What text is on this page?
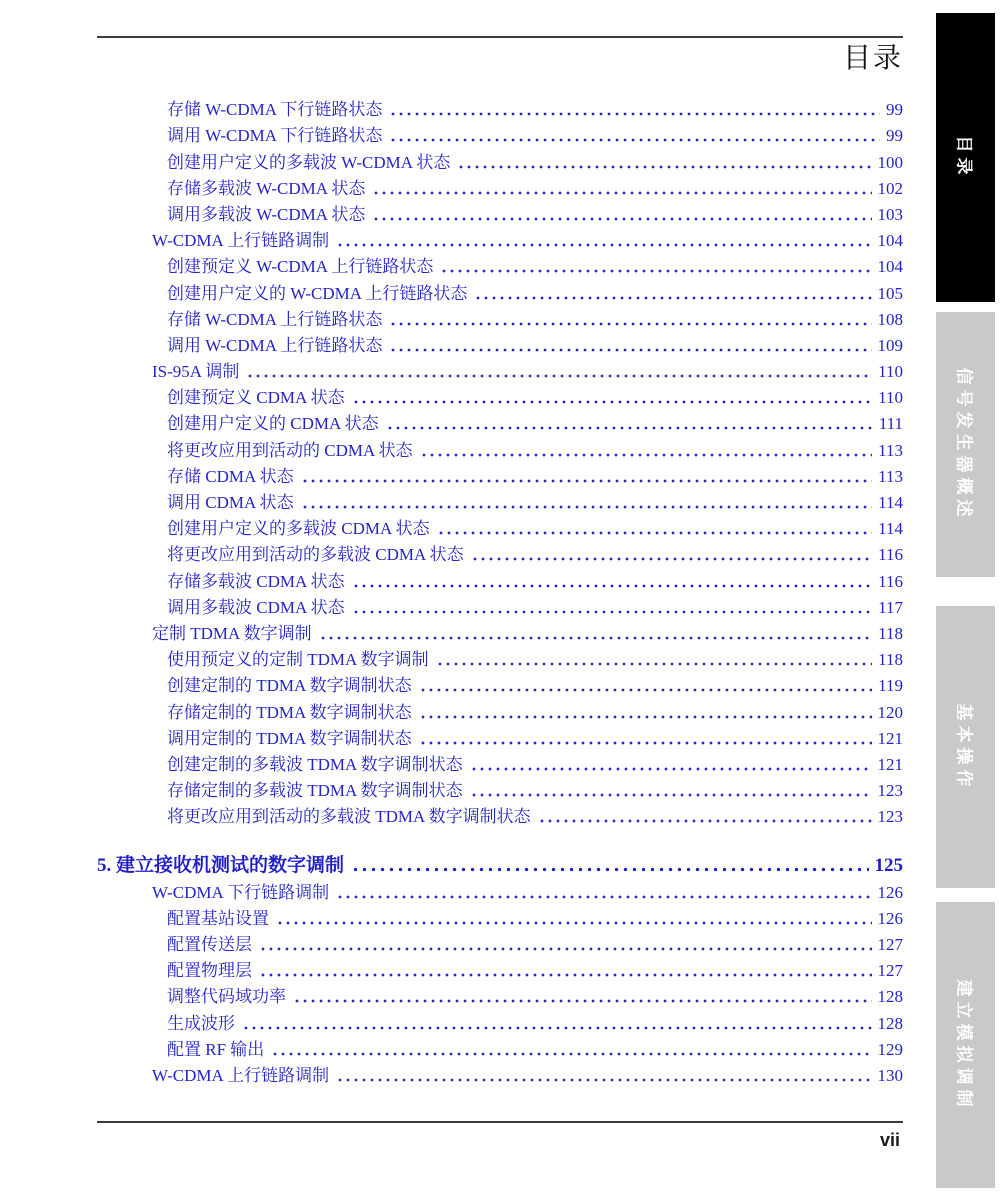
目录
存储 W-CDMA 下行链路状态	99
调用 W-CDMA 下行链路状态	99
创建用户定义的多载波 W-CDMA 状态	100
存储多载波 W-CDMA 状态	102
调用多载波 W-CDMA 状态	103
W-CDMA 上行链路调制	104
创建预定义 W-CDMA 上行链路状态	104
创建用户定义的 W-CDMA 上行链路状态	105
存储 W-CDMA 上行链路状态	108
调用 W-CDMA 上行链路状态	109
IS-95A 调制	110
创建预定义 CDMA 状态	110
创建用户定义的 CDMA 状态	111
将更改应用到活动的 CDMA 状态	113
存储 CDMA 状态	113
调用 CDMA 状态	114
创建用户定义的多载波 CDMA 状态	114
将更改应用到活动的多载波 CDMA 状态	116
存储多载波 CDMA 状态	116
调用多载波 CDMA 状态	117
定制 TDMA 数字调制	118
使用预定义的定制 TDMA 数字调制	118
创建定制的 TDMA 数字调制状态	119
存储定制的 TDMA 数字调制状态	120
调用定制的 TDMA 数字调制状态	121
创建定制的多载波 TDMA 数字调制状态	121
存储定制的多载波 TDMA 数字调制状态	123
将更改应用到活动的多载波 TDMA 数字调制状态	123
5. 建立接收机测试的数字调制	125
W-CDMA 下行链路调制	126
配置基站设置	126
配置传送层	127
配置物理层	127
调整代码域功率	128
生成波形	128
配置 RF 输出	129
W-CDMA 上行链路调制	130
vii
目录
信号发生器概述
基本操作
建立模拟调制
